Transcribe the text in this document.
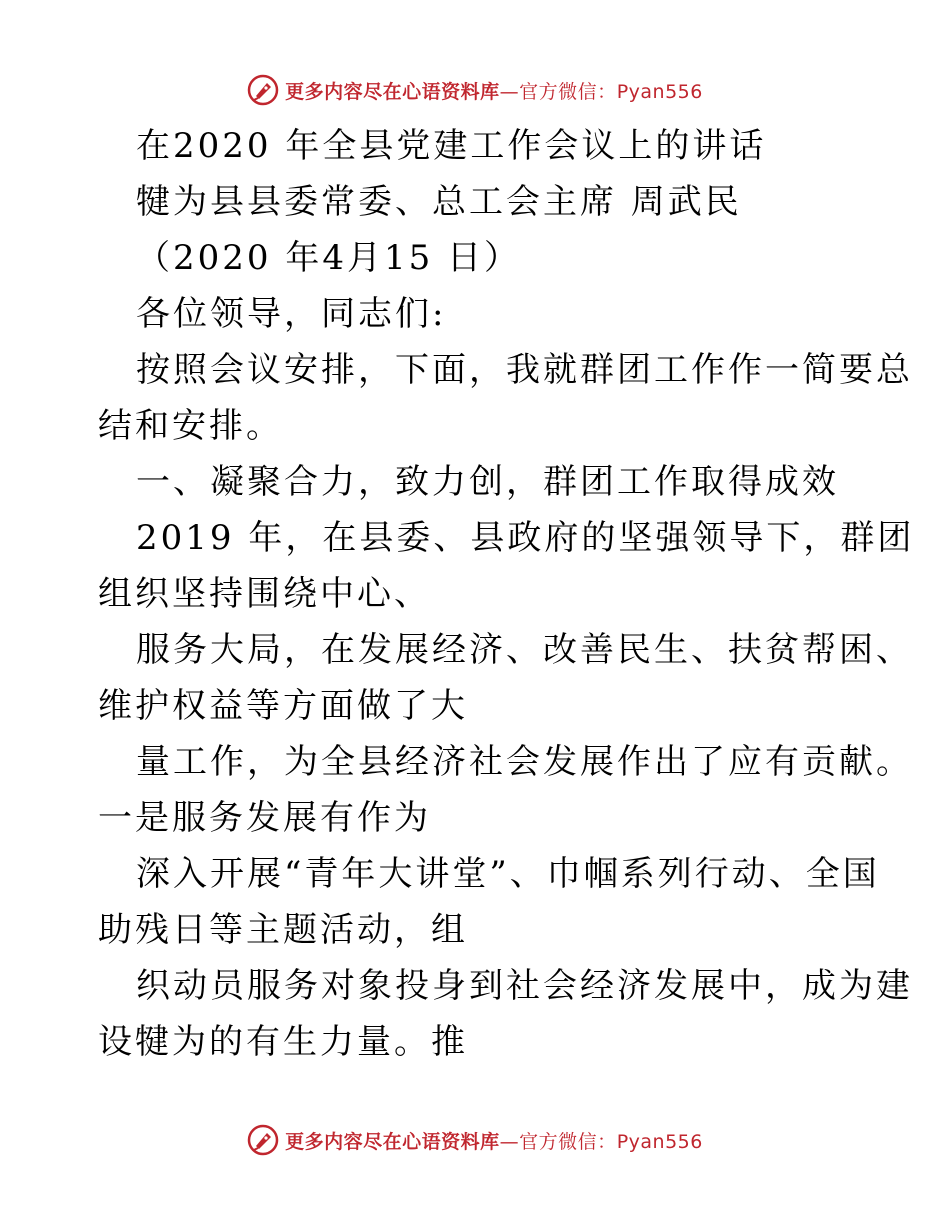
更多内容尽在心语资料库—官方微信：Pyan556
在2020 年全县党建工作会议上的讲话
犍为县县委常委、总工会主席 周武民
（2020 年4月15 日）
各位领导，同志们:
按照会议安排，下面，我就群团工作作一简要总
结和安排。
一、凝聚合力，致力创，群团工作取得成效
2019 年，在县委、县政府的坚强领导下，群团
组织坚持围绕中心、
服务大局，在发展经济、改善民生、扶贫帮困、
维护权益等方面做了大
量工作，为全县经济社会发展作出了应有贡献。
一是服务发展有作为
深入开展“青年大讲堂”、巾帼系列行动、全国
助残日等主题活动，组
织动员服务对象投身到社会经济发展中，成为建
设犍为的有生力量。推
更多内容尽在心语资料库—官方微信：Pyan556
